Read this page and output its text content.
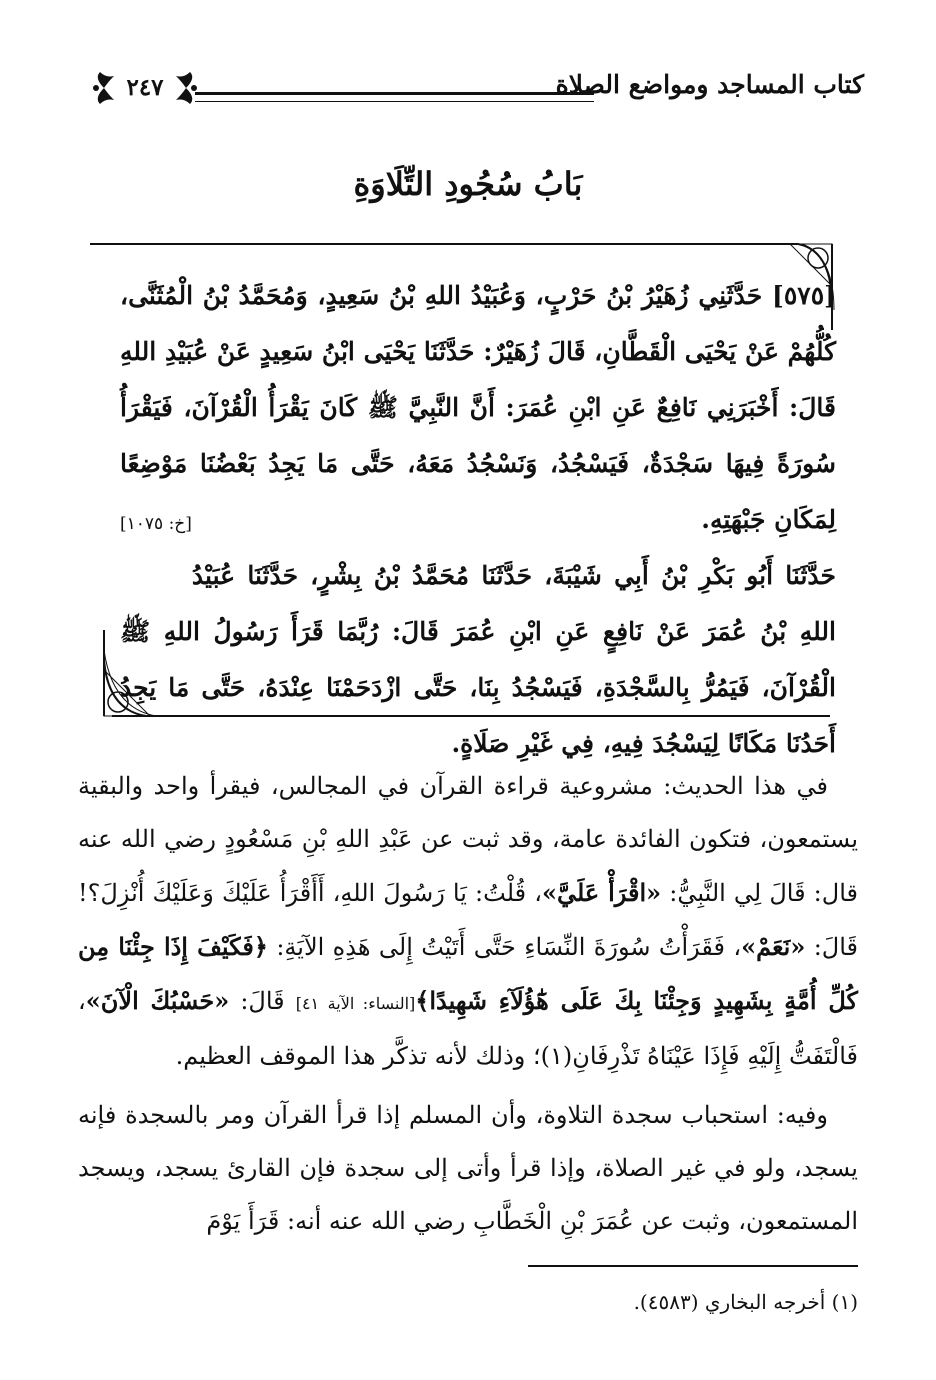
كتاب المساجد ومواضع الصلاة
٢٤٧
بَابُ سُجُودِ التِّلَاوَةِ

[٥٧٥] حَدَّثَنِي زُهَيْرُ بْنُ حَرْبٍ، وَعُبَيْدُ اللهِ بْنُ سَعِيدٍ، وَمُحَمَّدُ بْنُ الْمُثَنَّى، كُلُّهُمْ عَنْ يَحْيَى الْقَطَّانِ، قَالَ زُهَيْرٌ: حَدَّثَنَا يَحْيَى ابْنُ سَعِيدٍ عَنْ عُبَيْدِ اللهِ قَالَ: أَخْبَرَنِي نَافِعٌ عَنِ ابْنِ عُمَرَ: أَنَّ النَّبِيَّ ﷺ كَانَ يَقْرَأُ الْقُرْآنَ، فَيَقْرَأُ سُورَةً فِيهَا سَجْدَةٌ، فَيَسْجُدُ، وَنَسْجُدُ مَعَهُ، حَتَّى مَا يَجِدُ بَعْضُنَا مَوْضِعًا لِمَكَانِ جَبْهَتِهِ.
[خ: ١٠٧٥]

حَدَّثَنَا أَبُو بَكْرِ بْنُ أَبِي شَيْبَةَ، حَدَّثَنَا مُحَمَّدُ بْنُ بِشْرٍ، حَدَّثَنَا عُبَيْدُ اللهِ بْنُ عُمَرَ عَنْ نَافِعٍ عَنِ ابْنِ عُمَرَ قَالَ: رُبَّمَا قَرَأَ رَسُولُ اللهِ ﷺ الْقُرْآنَ، فَيَمُرُّ بِالسَّجْدَةِ، فَيَسْجُدُ بِنَا، حَتَّى ازْدَحَمْنَا عِنْدَهُ، حَتَّى مَا يَجِدُ أَحَدُنَا مَكَانًا لِيَسْجُدَ فِيهِ، فِي غَيْرِ صَلَاةٍ.

في هذا الحديث: مشروعية قراءة القرآن في المجالس، فيقرأ واحد والبقية يستمعون، فتكون الفائدة عامة، وقد ثبت عن عَبْدِ اللهِ بْنِ مَسْعُودٍ رضي الله عنه قال: قَالَ لِي النَّبِيُّ: «اقْرَأْ عَلَيَّ»، قُلْتُ: يَا رَسُولَ اللهِ، أَأَقْرَأُ عَلَيْكَ وَعَلَيْكَ أُنْزِلَ؟! قَالَ: «نَعَمْ»، فَقَرَأْتُ سُورَةَ النِّسَاءِ حَتَّى أَتَيْتُ إِلَى هَذِهِ الآيَةِ: ﴿فَكَيْفَ إِذَا جِئْنَا مِن كُلِّ أُمَّةٍ بِشَهِيدٍ وَجِئْنَا بِكَ عَلَى هَٰٓؤُلَآءِ شَهِيدًا﴾[النساء: الآية ٤١] قَالَ: «حَسْبُكَ الْآنَ»، فَالْتَفَتُّ إِلَيْهِ فَإِذَا عَيْنَاهُ تَذْرِفَانِ(١)؛ وذلك لأنه تذكَّر هذا الموقف العظيم.

وفيه: استحباب سجدة التلاوة، وأن المسلم إذا قرأ القرآن ومر بالسجدة فإنه يسجد، ولو في غير الصلاة، وإذا قرأ وأتى إلى سجدة فإن القارئ يسجد، ويسجد المستمعون، وثبت عن عُمَرَ بْنِ الْخَطَّابِ رضي الله عنه أنه: قَرَأَ يَوْمَ

(١) أخرجه البخاري (٤٥٨٣).
